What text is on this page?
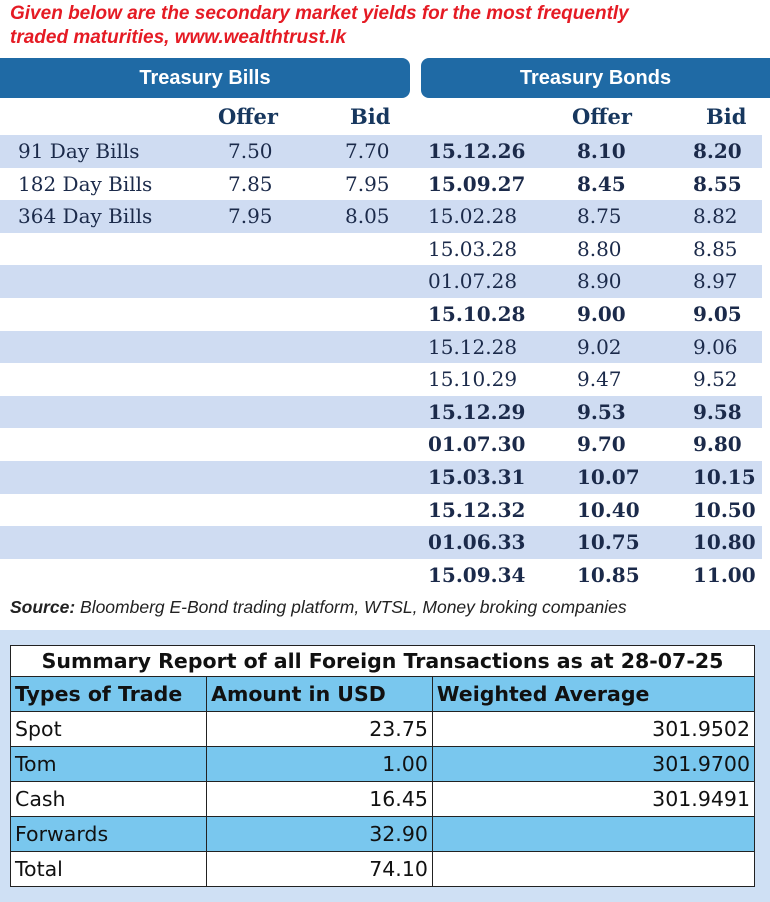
Given below are the secondary market yields for the most frequently
traded maturities, www.wealthtrust.lk
Treasury Bills	Treasury Bonds
Offer	Bid	Offer	Bid
91 Day Bills	7.50	7.70 15.12.26	8.10	8.20
182 Day Bills	7.85	7.95 15.09.27	8.45	8.55
364 Day Bills	7.95	8.05 15.02.28	8.75	8.82
15.03.28	8.80	8.85
01.07.28	8.90	8.97
15.10.28	9.00	9.05
15.12.28	9.02	9.06
15.10.29	9.47	9.52
15.12.29	9.53	9.58
01.07.30	9.70	9.80
15.03.31	10.07	10.15
15.12.32	10.40	10.50
01.06.33	10.75	10.80
15.09.34	10.85	11.00
Source: Bloomberg E-Bond trading platform, WTSL, Money broking companies
Summary Report of all Foreign Transactions as at 28-07-25		
Types of Trade	Amount in USD	Weighted Average
Spot	23.75	301.9502
Tom	1.00	301.9700
Cash	16.45	301.9491
Forwards	32.90	
Total	74.10	
